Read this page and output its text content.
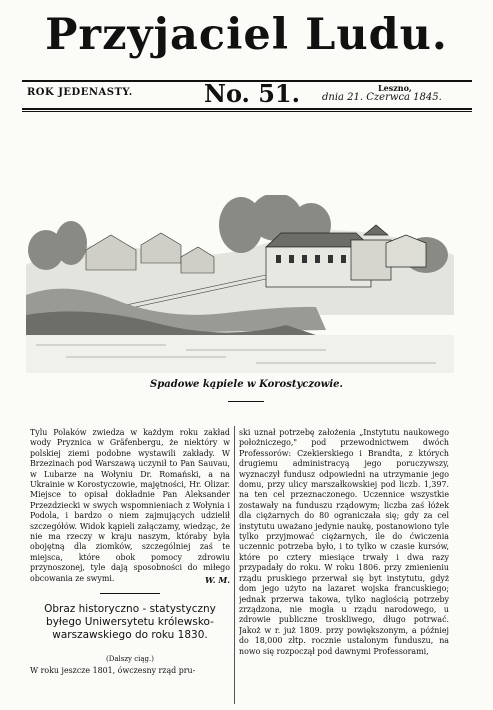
Przyjaciel Ludu.
ROK JEDENASTY.	No. 51.	Leszno,
dnia 21. Czerwca 1845.
Spadowe kąpiele w Korostyczowie.
Tylu Polaków zwiedza w każdym roku zakład wody Pryznica w Gräfenbergu, że niektóry w polskiej ziemi podobne wystawili zakłady. W Brzezinach pod Warszawą uczynił to Pan Sauvau, w Lubarze na Wołyniu Dr. Romański, a na Ukrainie w Korostyczowie, majętności, Hr. Olizar. Miejsce to opisał dokładnie Pan Aleksander Przezdziecki w swych wspomnieniach z Wołynia i Podola, i bardzo o niem zajmujących udzielił szczegółów. Widok kąpieli załączamy, wiedząc, że nie ma rzeczy w kraju naszym, któraby była obojętną dla ziomków, szczególniej zaś te miejsca, które obok pomocy zdrowiu przynoszonej, tyle dają sposobności do miłego obcowania ze swymi.	W. M.
Obraz historyczno - statystyczny byłego Uniwersytetu królewsko-warszawskiego do roku 1830.
(Dalszy ciąg.)
W roku jeszcze 1801, ówczesny rząd pru-
ski uznał potrzebę założenia „Instytutu naukowego położniczego," pod przewodnictwem dwóch Professorów: Czekierskiego i Brandta, z których drugiemu administracyą jego poruczywszy, wyznaczył fundusz odpowiedni na utrzymanie jego domu, przy ulicy marszałkowskiej pod liczb. 1,397. na ten cel przeznaczonego. Uczennice wszystkie zostawały na funduszu rządowym; liczba zaś łóżek dla ciężarnych do 80 ograniczała się; gdy za cel instytutu uważano jedynie naukę, postanowiono tyle tylko przyjmować ciężarnych, ile do ćwiczenia uczennic potrzeba było, i to tylko w czasie kursów, które po cztery miesiące trwały i dwa razy przypadały do roku. W roku 1806. przy zmienieniu rządu pruskiego przerwał się byt instytutu, gdyż dom jego użyto na lazaret wojska francuskiego; jednak przerwa takowa, tylko naglością potrzeby zrządzona, nie mogła u rządu narodowego, u zdrowie publiczne troskliwego, długo potrwać. Jakoż w r. już 1809. przy powiększonym, a później do 18,000 złtp. rocznie ustalonym funduszu, na nowo się rozpoczął pod dawnymi Professorami,
